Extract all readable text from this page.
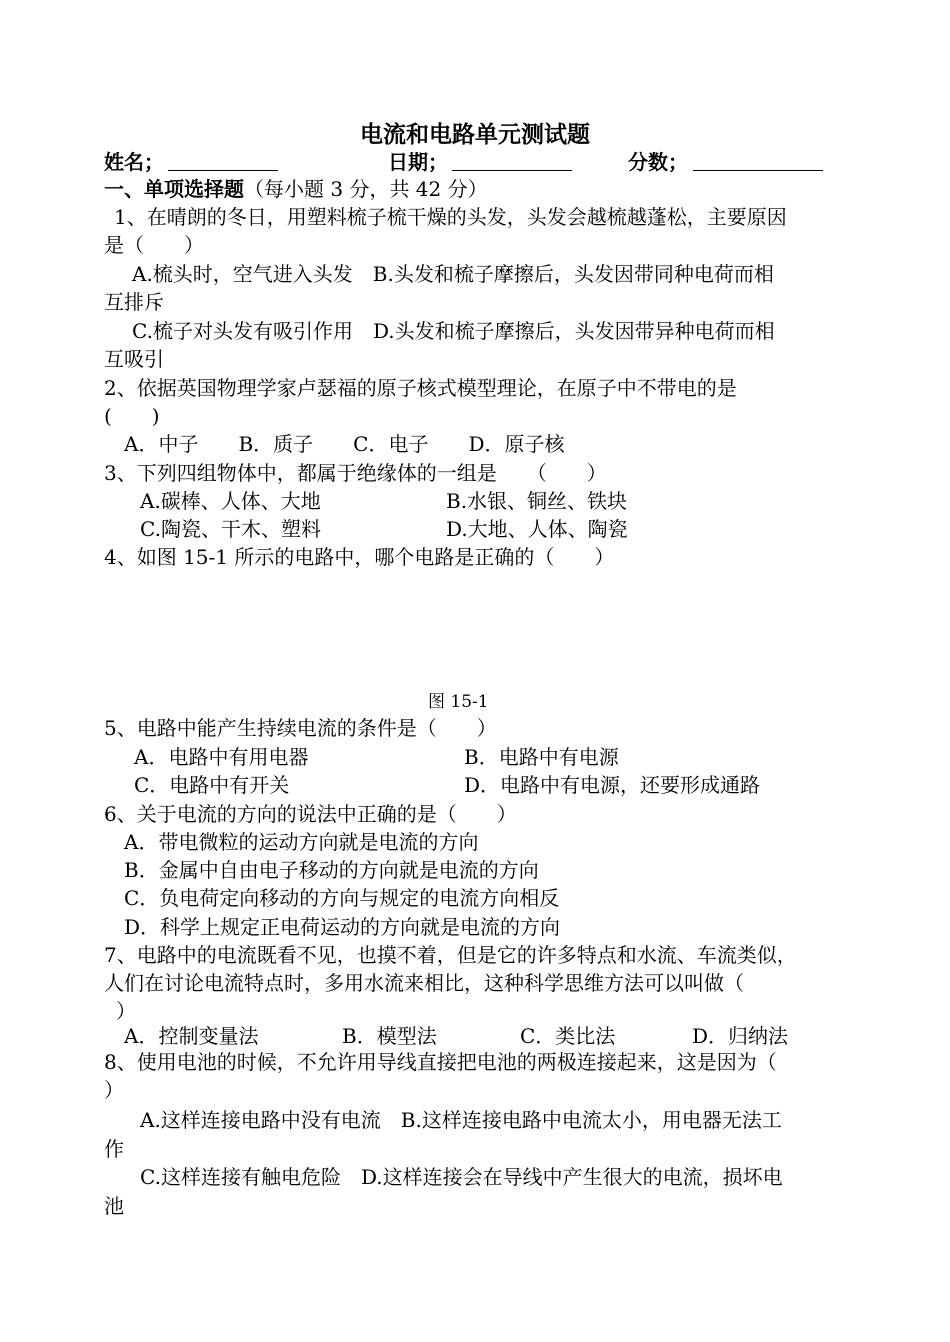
电流和电路单元测试题
姓名；	日期；	分数；
一、单项选择题（每小题 3 分，共 42 分）
1、在晴朗的冬日，用塑料梳子梳干燥的头发，头发会越梳越蓬松，主要原因
是（　　）
A.梳头时，空气进入头发　B.头发和梳子摩擦后，头发因带同种电荷而相
互排斥
C.梳子对头发有吸引作用　D.头发和梳子摩擦后，头发因带异种电荷而相
互吸引
2、依据英国物理学家卢瑟福的原子核式模型理论，在原子中不带电的是
(　　)
A．中子　　B．质子　　C．电子　　D．原子核
3、下列四组物体中，都属于绝缘体的一组是　　（　　）
A.碳棒、人体、大地	B.水银、铜丝、铁块
C.陶瓷、干木、塑料	D.大地、人体、陶瓷
4、如图 15-1 所示的电路中，哪个电路是正确的（　　）
图 15-1
5、电路中能产生持续电流的条件是（　　）
A．电路中有用电器	B．电路中有电源
C．电路中有开关	D．电路中有电源，还要形成通路
6、关于电流的方向的说法中正确的是（　　）
A．带电微粒的运动方向就是电流的方向
B．金属中自由电子移动的方向就是电流的方向
C．负电荷定向移动的方向与规定的电流方向相反
D．科学上规定正电荷运动的方向就是电流的方向
7、电路中的电流既看不见，也摸不着，但是它的许多特点和水流、车流类似，
人们在讨论电流特点时，多用水流来相比，这种科学思维方法可以叫做（
）
A．控制变量法	B．模型法	C．类比法	D．归纳法
8、使用电池的时候，不允许用导线直接把电池的两极连接起来，这是因为（
）
A.这样连接电路中没有电流　B.这样连接电路中电流太小，用电器无法工
作
C.这样连接有触电危险　D.这样连接会在导线中产生很大的电流，损坏电
池
